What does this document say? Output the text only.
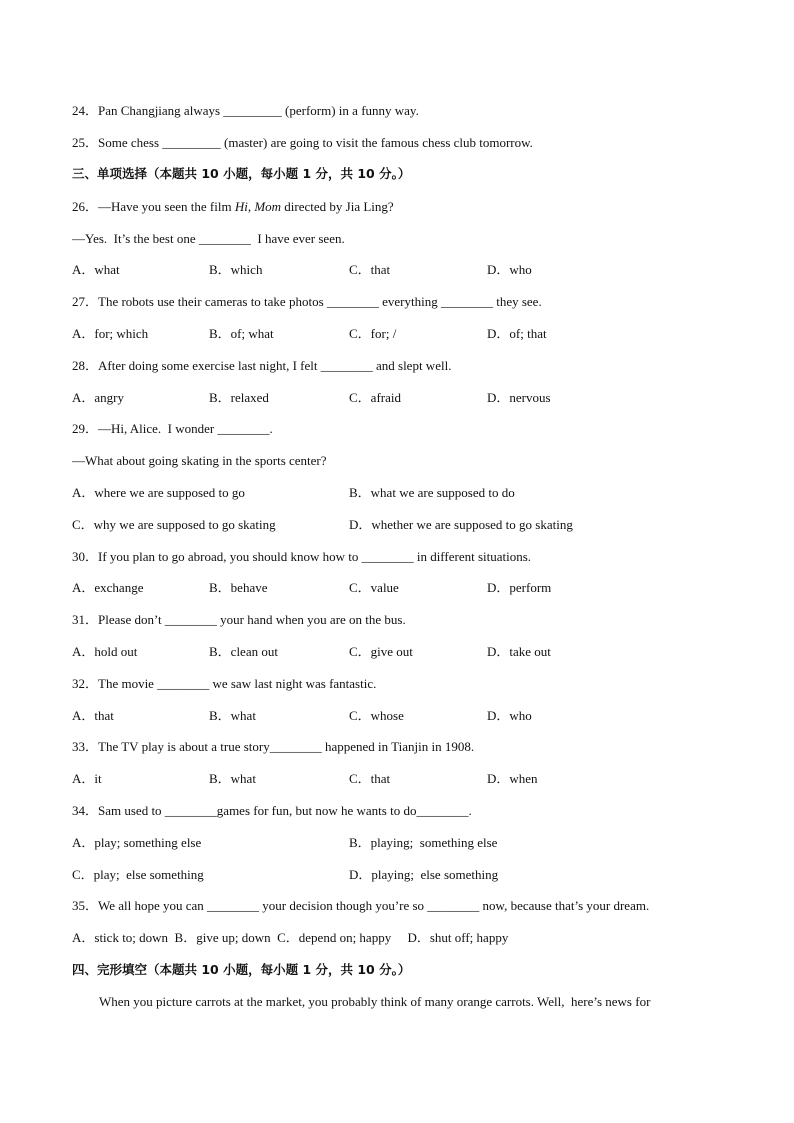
24．Pan Changjiang always _________ (perform) in a funny way.
25．Some chess _________ (master) are going to visit the famous chess club tomorrow.
三、单项选择（本题共 10 小题，每小题 1 分，共 10 分。）
26．—Have you seen the film Hi, Mom directed by Jia Ling?
—Yes.  It’s the best one ________  I have ever seen.
A．what	B．which	C．that	D．who
27．The robots use their cameras to take photos ________ everything ________ they see.
A．for; which	B．of; what	C．for; /	D．of; that
28．After doing some exercise last night, I felt ________ and slept well.
A．angry	B．relaxed	C．afraid	D．nervous
29．—Hi, Alice.  I wonder ________.
—What about going skating in the sports center?
A．where we are supposed to go	B．what we are supposed to do
C．why we are supposed to go skating	D．whether we are supposed to go skating
30．If you plan to go abroad, you should know how to ________ in different situations.
A．exchange	B．behave	C．value	D．perform
31．Please don’t ________ your hand when you are on the bus.
A．hold out	B．clean out	C．give out	D．take out
32．The movie ________ we saw last night was fantastic.
A．that	B．what	C．whose	D．who
33．The TV play is about a true story________ happened in Tianjin in 1908.
A．it	B．what	C．that	D．when
34．Sam used to ________games for fun, but now he wants to do________.
A．play; something else	B．playing;  something else
C．play;  else something	D．playing;  else something
35．We all hope you can ________ your decision though you’re so ________ now, because that’s your dream.
A．stick to; down  B．give up; down  C．depend on; happy     D．shut off; happy
四、完形填空（本题共 10 小题，每小题 1 分，共 10 分。）
When you picture carrots at the market, you probably think of many orange carrots. Well,  here’s news for
